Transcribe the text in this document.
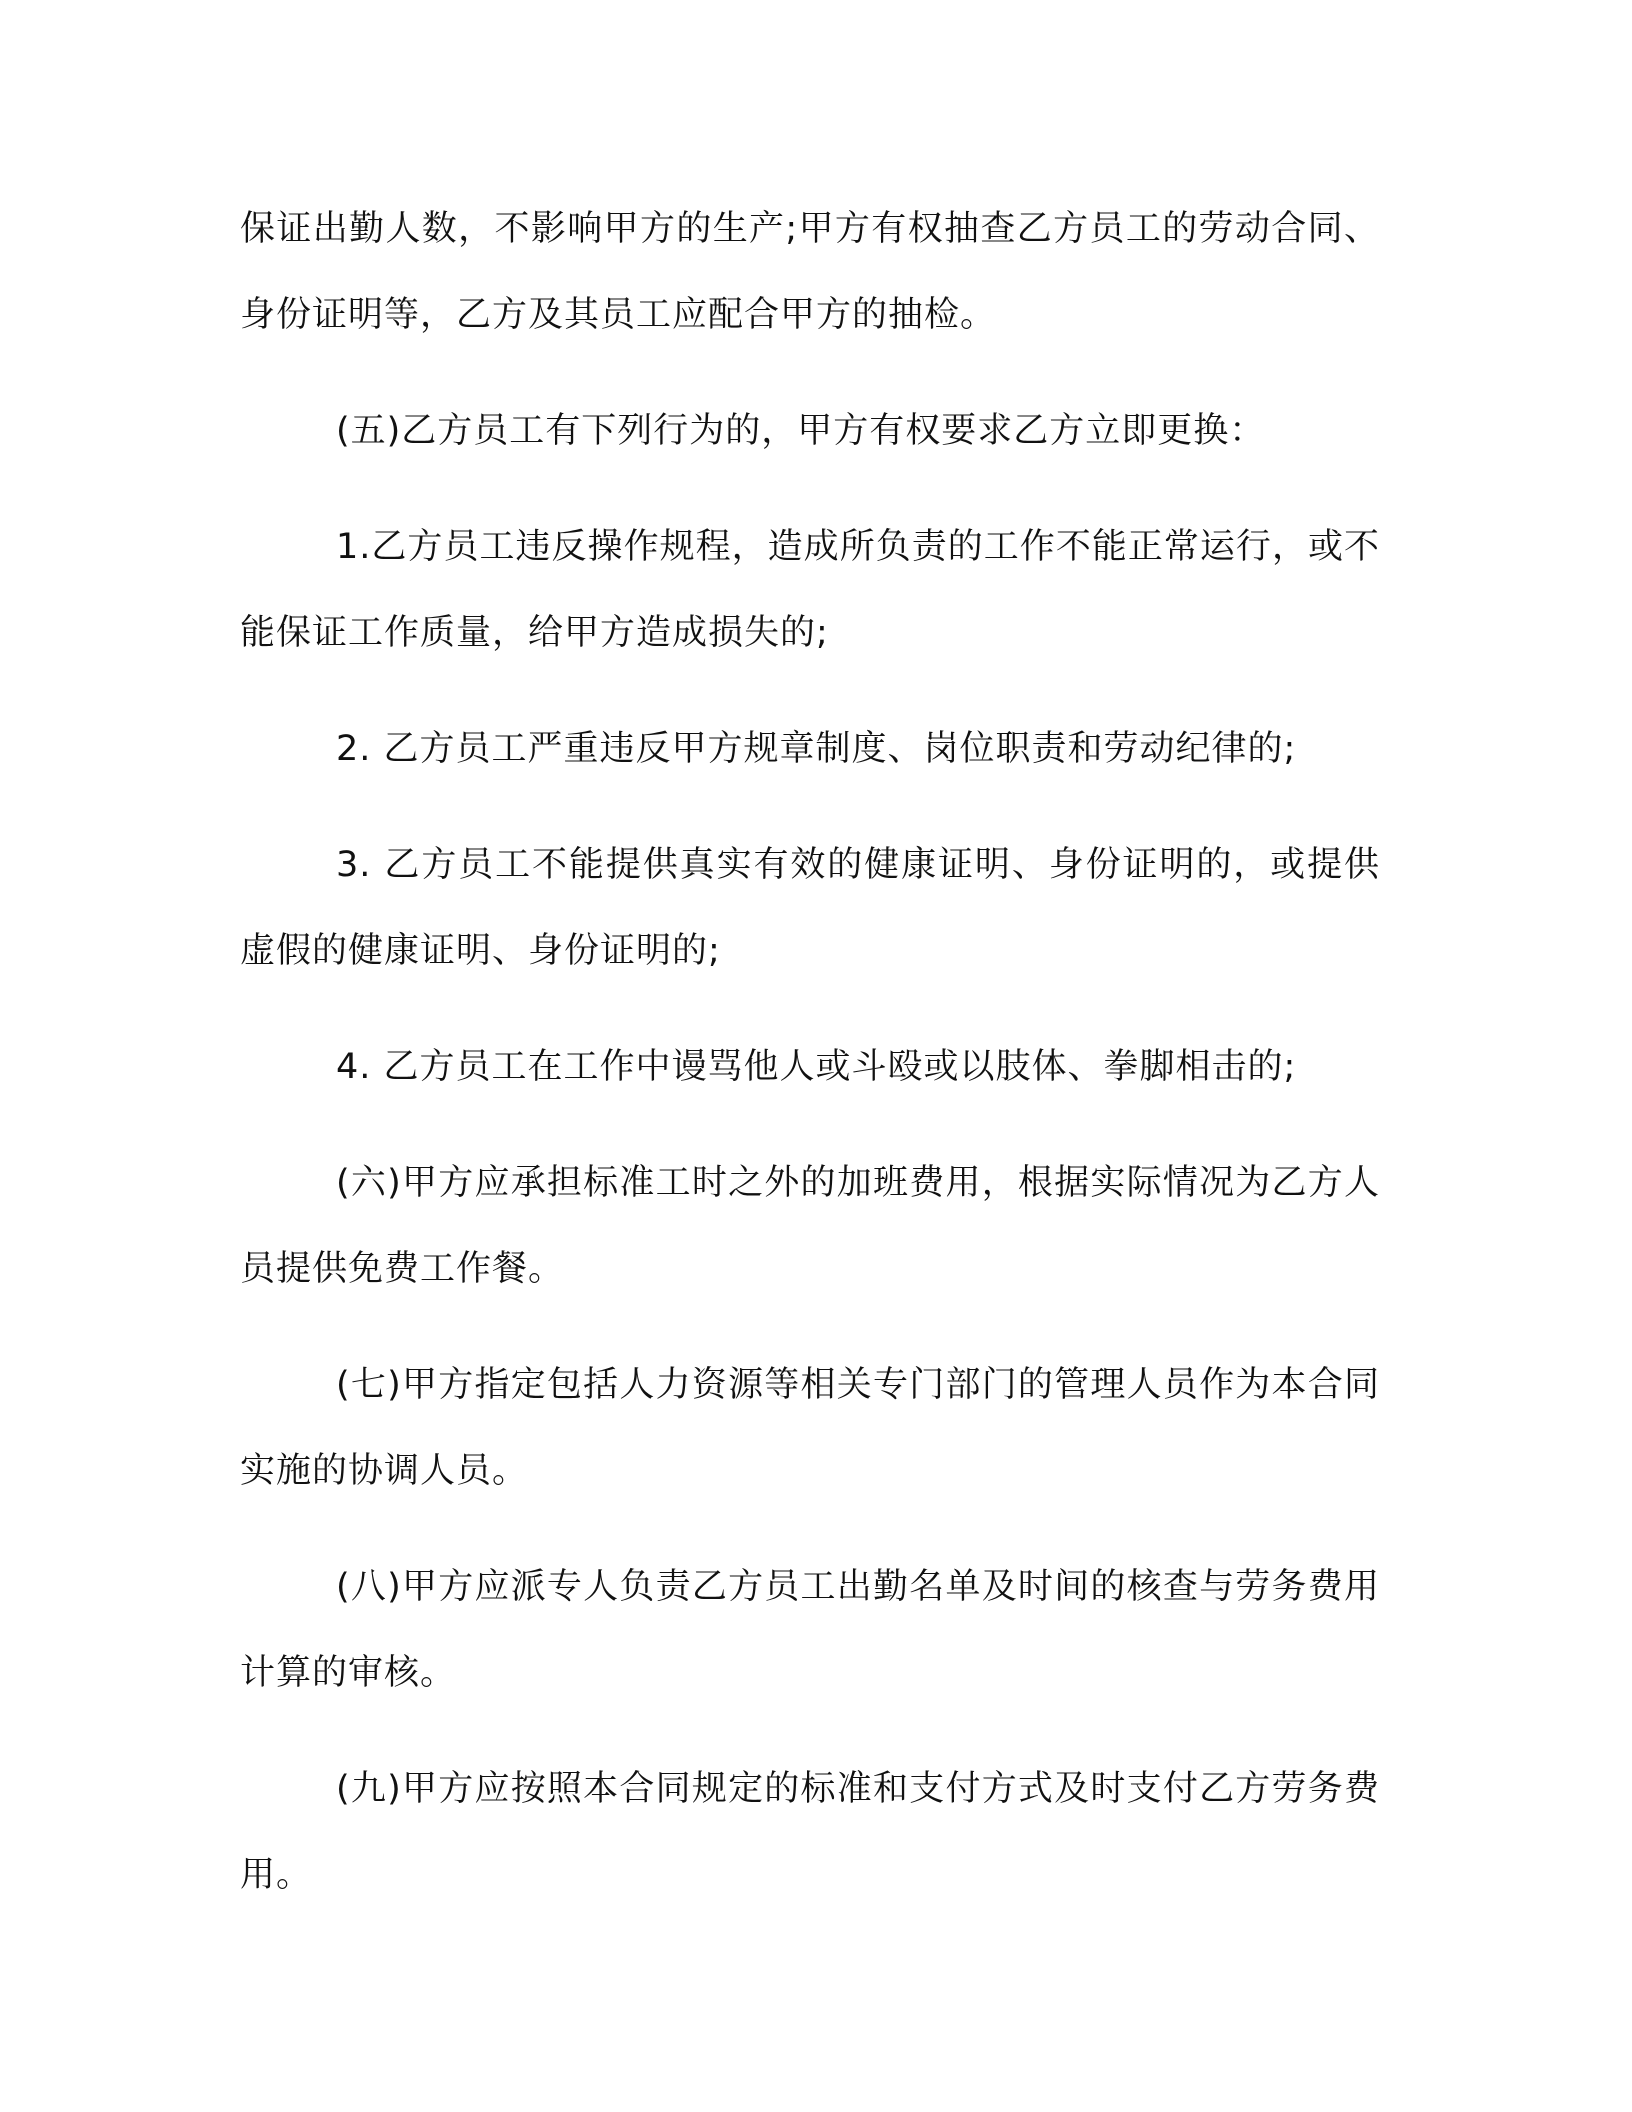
保证出勤人数，不影响甲方的生产;甲方有权抽查乙方员工的劳动合同、身份证明等，乙方及其员工应配合甲方的抽检。

(五)乙方员工有下列行为的，甲方有权要求乙方立即更换：

1.乙方员工违反操作规程，造成所负责的工作不能正常运行，或不能保证工作质量，给甲方造成损失的;

2. 乙方员工严重违反甲方规章制度、岗位职责和劳动纪律的;

3. 乙方员工不能提供真实有效的健康证明、身份证明的，或提供虚假的健康证明、身份证明的;

4. 乙方员工在工作中谩骂他人或斗殴或以肢体、拳脚相击的;

(六)甲方应承担标准工时之外的加班费用，根据实际情况为乙方人员提供免费工作餐。

(七)甲方指定包括人力资源等相关专门部门的管理人员作为本合同实施的协调人员。

(八)甲方应派专人负责乙方员工出勤名单及时间的核查与劳务费用计算的审核。

(九)甲方应按照本合同规定的标准和支付方式及时支付乙方劳务费用。
